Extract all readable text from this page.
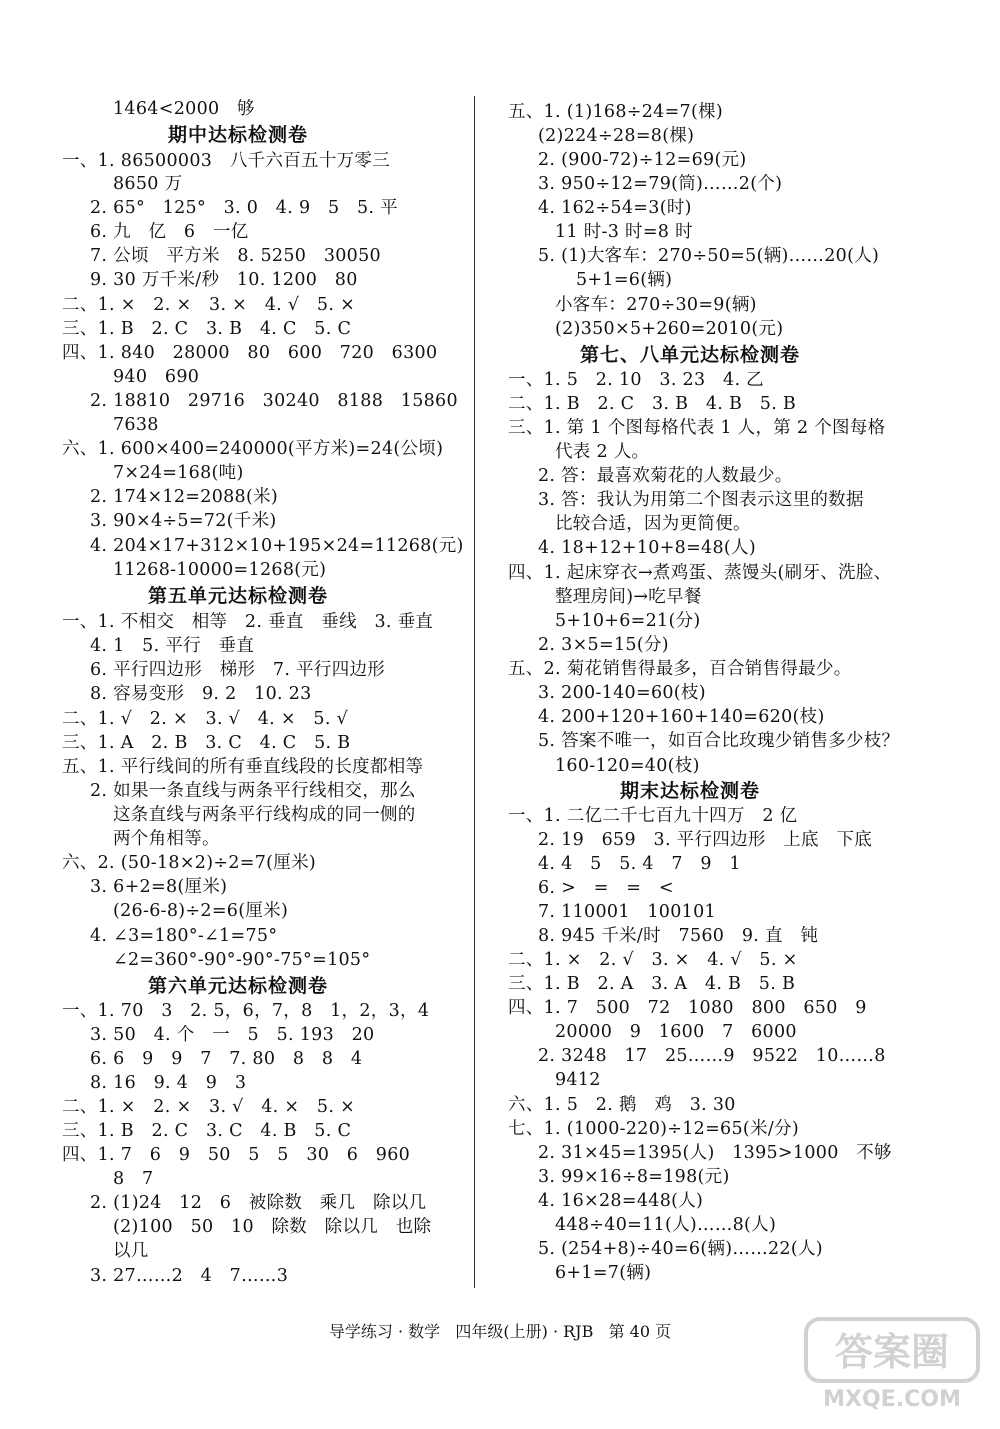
1464<2000   够
期中达标检测卷
一、1. 86500003   八千六百五十万零三
8650 万
2. 65°   125°   3. 0   4. 9   5   5. 平
6. 九   亿   6   一亿
7. 公顷   平方米   8. 5250   30050
9. 30 万千米/秒   10. 1200   80
二、1. ×   2. ×   3. ×   4. √   5. ×
三、1. B   2. C   3. B   4. C   5. C
四、1. 840   28000   80   600   720   6300
940   690
2. 18810   29716   30240   8188   15860
7638
六、1. 600×400=240000(平方米)=24(公顷)
7×24=168(吨)
2. 174×12=2088(米)
3. 90×4÷5=72(千米)
4. 204×17+312×10+195×24=11268(元)
11268-10000=1268(元)
第五单元达标检测卷
一、1. 不相交   相等   2. 垂直   垂线   3. 垂直
4. 1   5. 平行   垂直
6. 平行四边形   梯形   7. 平行四边形
8. 容易变形   9. 2   10. 23
二、1. √   2. ×   3. √   4. ×   5. √
三、1. A   2. B   3. C   4. C   5. B
五、1. 平行线间的所有垂直线段的长度都相等
2. 如果一条直线与两条平行线相交，那么
这条直线与两条平行线构成的同一侧的
两个角相等。
六、2. (50-18×2)÷2=7(厘米)
3. 6+2=8(厘米)
(26-6-8)÷2=6(厘米)
4. ∠3=180°-∠1=75°
∠2=360°-90°-90°-75°=105°
第六单元达标检测卷
一、1. 70   3   2. 5，6，7，8   1，2，3，4
3. 50   4. 个   一   5   5. 193   20
6. 6   9   9   7   7. 80   8   8   4
8. 16   9. 4   9   3
二、1. ×   2. ×   3. √   4. ×   5. ×
三、1. B   2. C   3. C   4. B   5. C
四、1. 7   6   9   50   5   5   30   6   960
8   7
2. (1)24   12   6   被除数   乘几   除以几
(2)100   50   10   除数   除以几   也除
以几
3. 27……2   4   7……3
五、1. (1)168÷24=7(棵)
(2)224÷28=8(棵)
2. (900-72)÷12=69(元)
3. 950÷12=79(筒)……2(个)
4. 162÷54=3(时)
11 时-3 时=8 时
5. (1)大客车：270÷50=5(辆)……20(人)
5+1=6(辆)
小客车：270÷30=9(辆)
(2)350×5+260=2010(元)
第七、八单元达标检测卷
一、1. 5   2. 10   3. 23   4. 乙
二、1. B   2. C   3. B   4. B   5. B
三、1. 第 1 个图每格代表 1 人，第 2 个图每格
代表 2 人。
2. 答：最喜欢菊花的人数最少。
3. 答：我认为用第二个图表示这里的数据
比较合适，因为更简便。
4. 18+12+10+8=48(人)
四、1. 起床穿衣→煮鸡蛋、蒸馒头(刷牙、洗脸、
整理房间)→吃早餐
5+10+6=21(分)
2. 3×5=15(分)
五、2. 菊花销售得最多，百合销售得最少。
3. 200-140=60(枝)
4. 200+120+160+140=620(枝)
5. 答案不唯一，如百合比玫瑰少销售多少枝？
160-120=40(枝)
期末达标检测卷
一、1. 二亿二千七百九十四万   2 亿
2. 19   659   3. 平行四边形   上底   下底
4. 4   5   5. 4   7   9   1
6. >   =   =   <
7. 110001   100101
8. 945 千米/时   7560   9. 直   钝
二、1. ×   2. √   3. ×   4. √   5. ×
三、1. B   2. A   3. A   4. B   5. B
四、1. 7   500   72   1080   800   650   9
20000   9   1600   7   6000
2. 3248   17   25……9   9522   10……8
9412
六、1. 5   2. 鹅   鸡   3. 30
七、1. (1000-220)÷12=65(米/分)
2. 31×45=1395(人)   1395>1000   不够
3. 99×16÷8=198(元)
4. 16×28=448(人)
448÷40=11(人)……8(人)
5. (254+8)÷40=6(辆)……22(人)
6+1=7(辆)
导学练习 · 数学   四年级(上册) · RJB   第 40 页	答案圈
MXQE.COM
